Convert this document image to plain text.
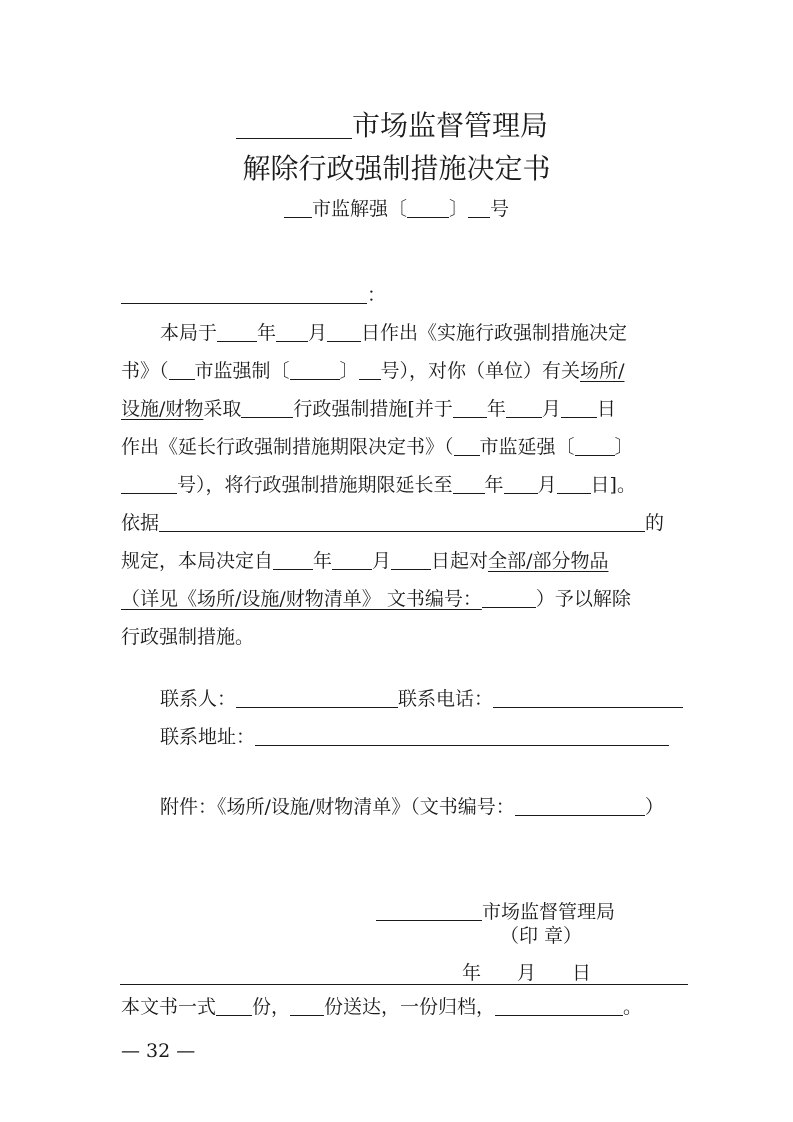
市场监督管理局
解除行政强制措施决定书
市监解强〔 〕 号
：
本局于 年 月 日作出《实施行政强制措施决定
书》（ 市监强制〔	〕 号），对你（单位）有关场所/
设施/财物采取	行政强制措施[并于 年 月 日
作出《延长行政强制措施期限决定书》（ 市监延强〔 〕
号），将行政强制措施期限延长至 年 月 日]。
依据	的
规定，本局决定自 年 月 日起对全部/部分物品
（详见《场所/设施/财物清单》 文书编号：	）予以解除
行政强制措施。
联系人：	联系电话：
联系地址：
附件：《场所/设施/财物清单》（文书编号：	）
市场监督管理局
（印 章）
年 月 日
本文书一式 份， 份送达，一份归档，	。
— 32 —
